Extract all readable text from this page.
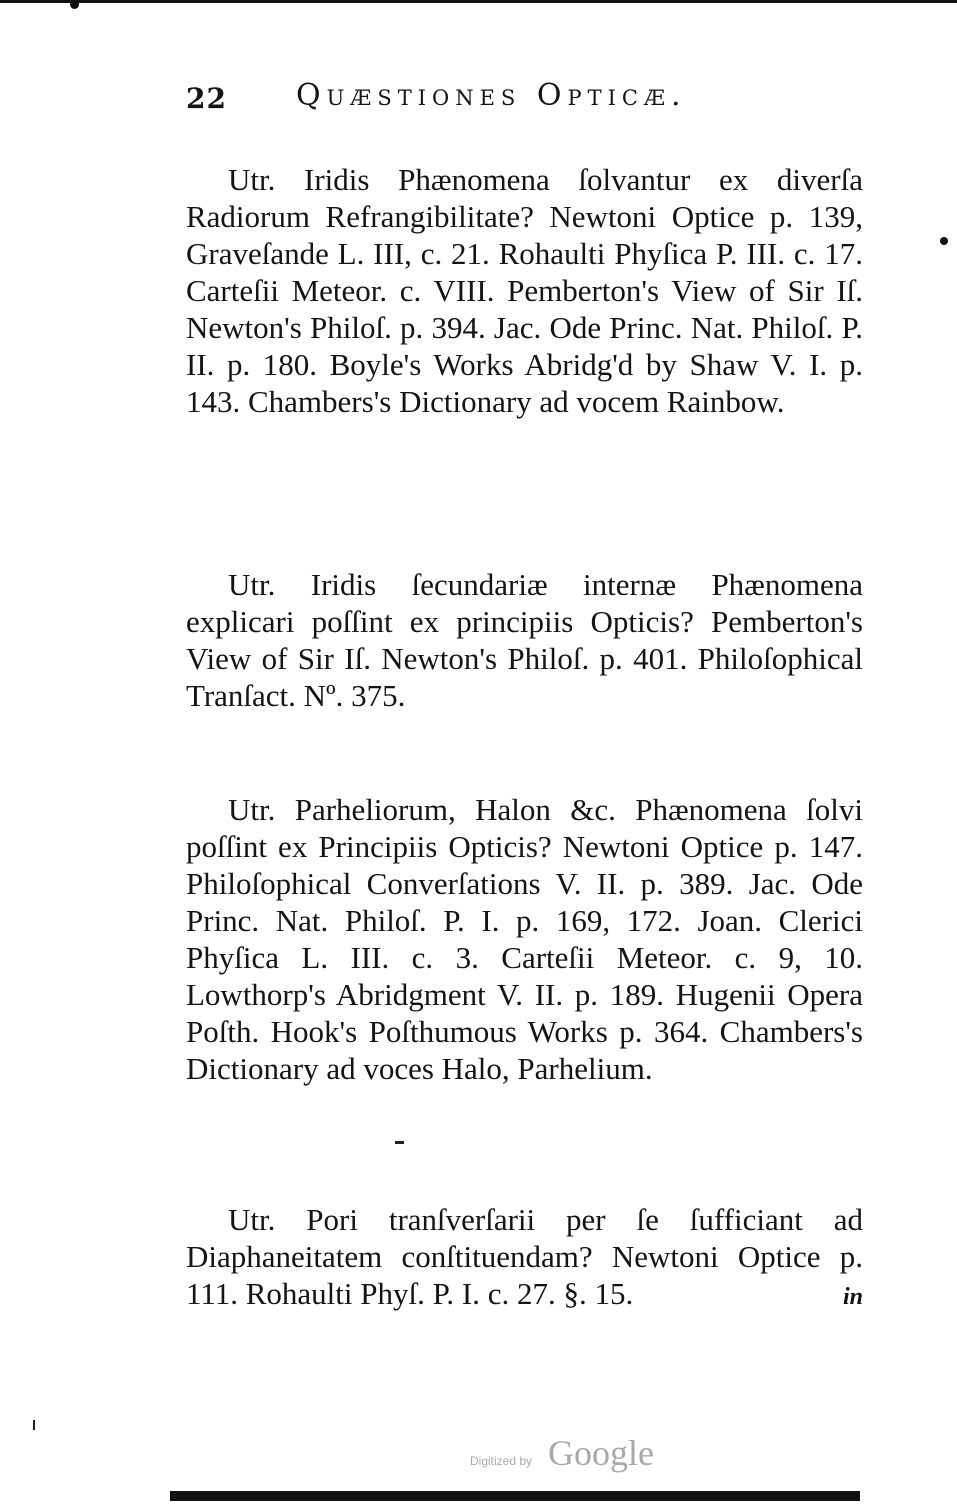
22 Quæstiones Opticæ.

Utr. Iridis Phænomena ſolvantur ex diverſa Radiorum Refrangibilitate? Newtoni Optice p. 139, Graveſande L. III, c. 21. Rohaulti Phyſica P. III. c. 17. Carteſii Meteor. c. VIII. Pemberton's View of Sir Iſ. Newton's Philoſ. p. 394. Jac. Ode Princ. Nat. Philoſ. P. II. p. 180. Boyle's Works Abridg'd by Shaw V. I. p. 143. Chambers's Dictionary ad vocem Rainbow.

Utr. Iridis ſecundariæ internæ Phænomena explicari poſſint ex principiis Opticis? Pemberton's View of Sir Iſ. Newton's Philoſ. p. 401. Philoſophical Tranſact. Nº. 375.

Utr. Parheliorum, Halon &c. Phænomena ſolvi poſſint ex Principiis Opticis? Newtoni Optice p. 147. Philoſophical Converſations V. II. p. 389. Jac. Ode Princ. Nat. Philoſ. P. I. p. 169, 172. Joan. Clerici Phyſica L. III. c. 3. Carteſii Meteor. c. 9, 10. Lowthorp's Abridgment V. II. p. 189. Hugenii Opera Poſth. Hook's Poſthumous Works p. 364. Chambers's Dictionary ad voces Halo, Parhelium.

Utr. Pori tranſverſarii per ſe ſufficiant ad Diaphaneitatem conſtituendam? Newtoni Optice p. 111. Rohaulti Phyſ. P. I. c. 27. §. 15.	in
Digitized by Google
